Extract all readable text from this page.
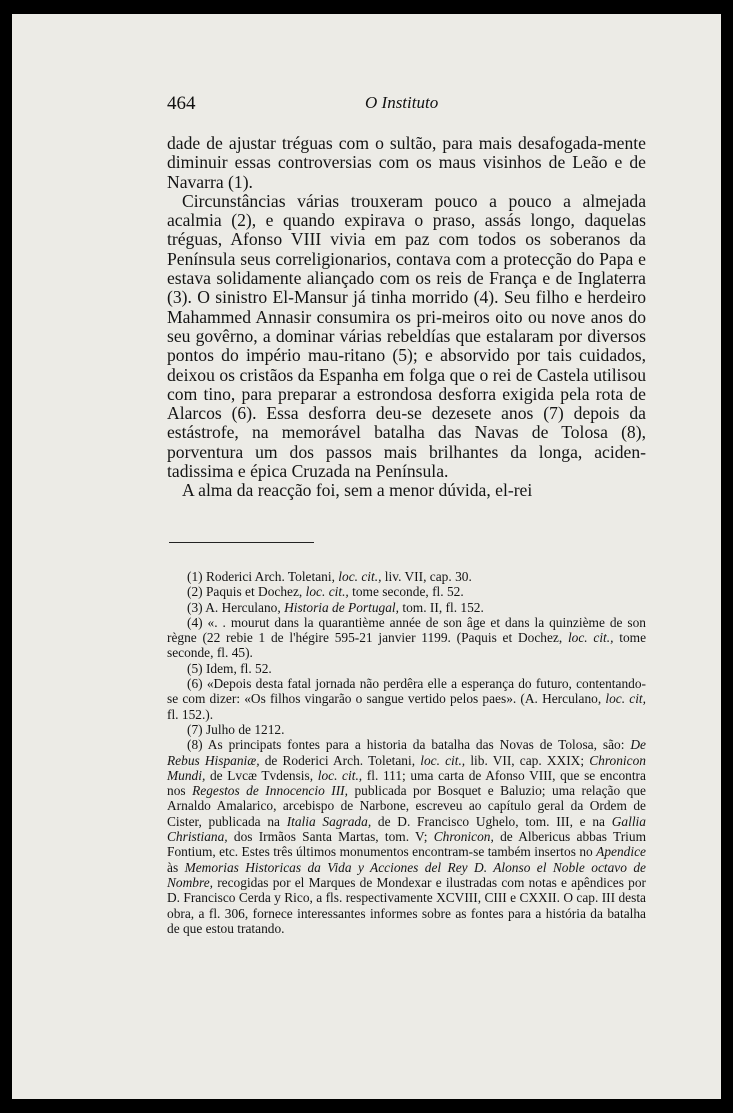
464	O Instituto

dade de ajustar tréguas com o sultão, para mais desafogada-mente diminuir essas controversias com os maus visinhos de Leão e de Navarra (1).

Circunstâncias várias trouxeram pouco a pouco a almejada acalmia (2), e quando expirava o praso, assás longo, daquelas tréguas, Afonso VIII vivia em paz com todos os soberanos da Península seus correligionarios, contava com a protecção do Papa e estava solidamente aliançado com os reis de França e de Inglaterra (3). O sinistro El-Mansur já tinha morrido (4). Seu filho e herdeiro Mahammed Annasir consumira os pri-meiros oito ou nove anos do seu govêrno, a dominar várias rebeldías que estalaram por diversos pontos do império mau-ritano (5); e absorvido por tais cuidados, deixou os cristãos da Espanha em folga que o rei de Castela utilisou com tino, para preparar a estrondosa desforra exigida pela rota de Alarcos (6). Essa desforra deu-se dezesete anos (7) depois da estástrofe, na memorável batalha das Navas de Tolosa (8), porventura um dos passos mais brilhantes da longa, aciden-tadissima e épica Cruzada na Península.

A alma da reacção foi, sem a menor dúvida, el-rei

(1) Roderici Arch. Toletani, loc. cit., liv. VII, cap. 30.

(2) Paquis et Dochez, loc. cit., tome seconde, fl. 52.

(3) A. Herculano, Historia de Portugal, tom. II, fl. 152.

(4) «. . mourut dans la quarantième année de son âge et dans la quinzième de son règne (22 rebie 1 de l'hégire 595-21 janvier 1199. (Paquis et Dochez, loc. cit., tome seconde, fl. 45).

(5) Idem, fl. 52.

(6) «Depois desta fatal jornada não perdêra elle a esperança do futuro, contentando-se com dizer: «Os filhos vingarão o sangue vertido pelos paes». (A. Herculano, loc. cit, fl. 152.).

(7) Julho de 1212.

(8) As principats fontes para a historia da batalha das Novas de Tolosa, são: De Rebus Hispaniæ, de Roderici Arch. Toletani, loc. cit., lib. VII, cap. XXIX; Chronicon Mundi, de Lvcæ Tvdensis, loc. cit., fl. 111; uma carta de Afonso VIII, que se encontra nos Regestos de Innocencio III, publicada por Bosquet e Baluzio; uma relação que Arnaldo Amalarico, arcebispo de Narbone, escreveu ao capítulo geral da Ordem de Cister, publicada na Italia Sagrada, de D. Francisco Ughelo, tom. III, e na Gallia Christiana, dos Irmãos Santa Martas, tom. V; Chronicon, de Albericus abbas Trium Fontium, etc. Estes três últimos monumentos encontram-se também insertos no Apendice às Memorias Historicas da Vida y Acciones del Rey D. Alonso el Noble octavo de Nombre, recogidas por el Marques de Mondexar e ilustradas com notas e apêndices por D. Francisco Cerda y Rico, a fls. respectivamente XCVIII, CIII e CXXII. O cap. III desta obra, a fl. 306, fornece interessantes informes sobre as fontes para a história da batalha de que estou tratando.
